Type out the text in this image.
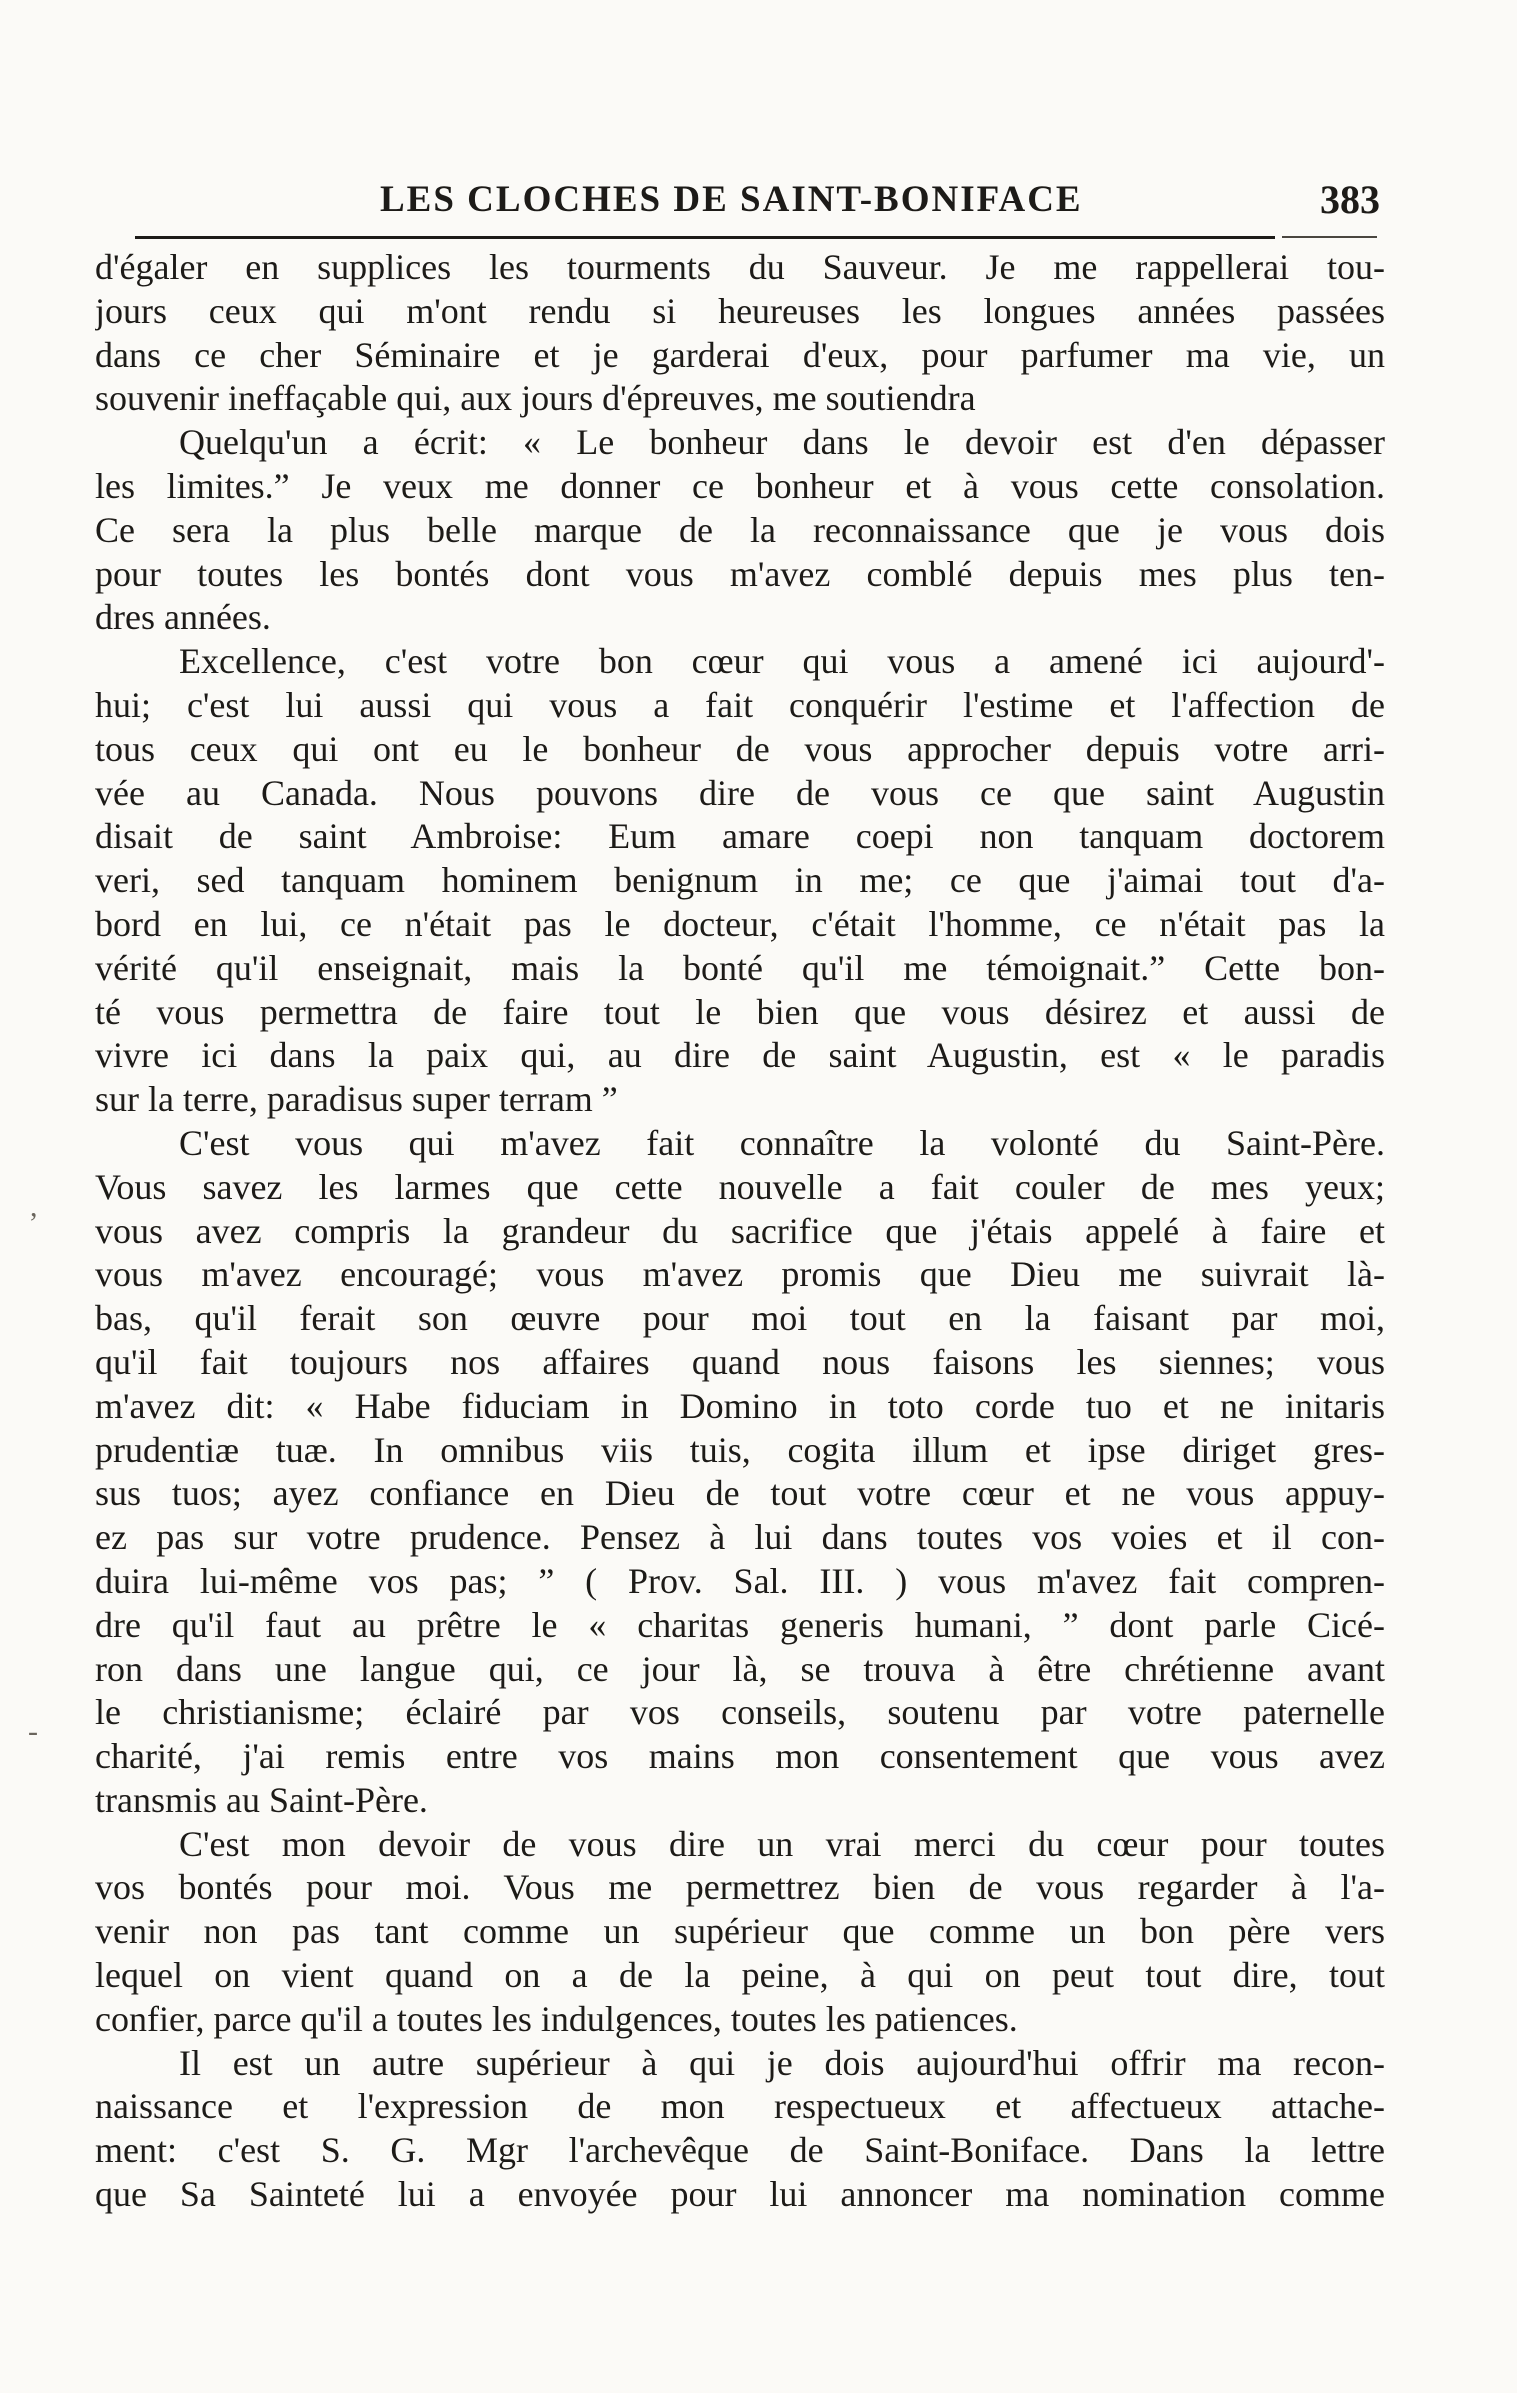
LES CLOCHES DE SAINT-BONIFACE	383
d'égaler en supplices les tourments du Sauveur. Je me rappellerai tou-
jours ceux qui m'ont rendu si heureuses les longues années passées
dans ce cher Séminaire et je garderai d'eux, pour parfumer ma vie, un
souvenir ineffaçable qui, aux jours d'épreuves, me soutiendra
Quelqu'un a écrit: « Le bonheur dans le devoir est d'en dépasser
les limites.” Je veux me donner ce bonheur et à vous cette consolation.
Ce sera la plus belle marque de la reconnaissance que je vous dois
pour toutes les bontés dont vous m'avez comblé depuis mes plus ten-
dres années.
Excellence, c'est votre bon cœur qui vous a amené ici aujourd'-
hui; c'est lui aussi qui vous a fait conquérir l'estime et l'affection de
tous ceux qui ont eu le bonheur de vous approcher depuis votre arri-
vée au Canada. Nous pouvons dire de vous ce que saint Augustin
disait de saint Ambroise: Eum amare coepi non tanquam doctorem
veri, sed tanquam hominem benignum in me; ce que j'aimai tout d'a-
bord en lui, ce n'était pas le docteur, c'était l'homme, ce n'était pas la
vérité qu'il enseignait, mais la bonté qu'il me témoignait.” Cette bon-
té vous permettra de faire tout le bien que vous désirez et aussi de
vivre ici dans la paix qui, au dire de saint Augustin, est « le paradis
sur la terre, paradisus super terram ”
C'est vous qui m'avez fait connaître la volonté du Saint-Père.
Vous savez les larmes que cette nouvelle a fait couler de mes yeux;
vous avez compris la grandeur du sacrifice que j'étais appelé à faire et
vous m'avez encouragé; vous m'avez promis que Dieu me suivrait là-
bas, qu'il ferait son œuvre pour moi tout en la faisant par moi,
qu'il fait toujours nos affaires quand nous faisons les siennes; vous
m'avez dit: « Habe fiduciam in Domino in toto corde tuo et ne initaris
prudentiæ tuæ. In omnibus viis tuis, cogita illum et ipse diriget gres-
sus tuos; ayez confiance en Dieu de tout votre cœur et ne vous appuy-
ez pas sur votre prudence. Pensez à lui dans toutes vos voies et il con-
duira lui-même vos pas; ” ( Prov. Sal. III. ) vous m'avez fait compren-
dre qu'il faut au prêtre le « charitas generis humani, ” dont parle Cicé-
ron dans une langue qui, ce jour là, se trouva à être chrétienne avant
le christianisme; éclairé par vos conseils, soutenu par votre paternelle
charité, j'ai remis entre vos mains mon consentement que vous avez
transmis au Saint-Père.
C'est mon devoir de vous dire un vrai merci du cœur pour toutes
vos bontés pour moi. Vous me permettrez bien de vous regarder à l'a-
venir non pas tant comme un supérieur que comme un bon père vers
lequel on vient quand on a de la peine, à qui on peut tout dire, tout
confier, parce qu'il a toutes les indulgences, toutes les patiences.
Il est un autre supérieur à qui je dois aujourd'hui offrir ma recon-
naissance et l'expression de mon respectueux et affectueux attache-
ment: c'est S. G. Mgr l'archevêque de Saint-Boniface. Dans la lettre
que Sa Sainteté lui a envoyée pour lui annoncer ma nomination comme
,
-
